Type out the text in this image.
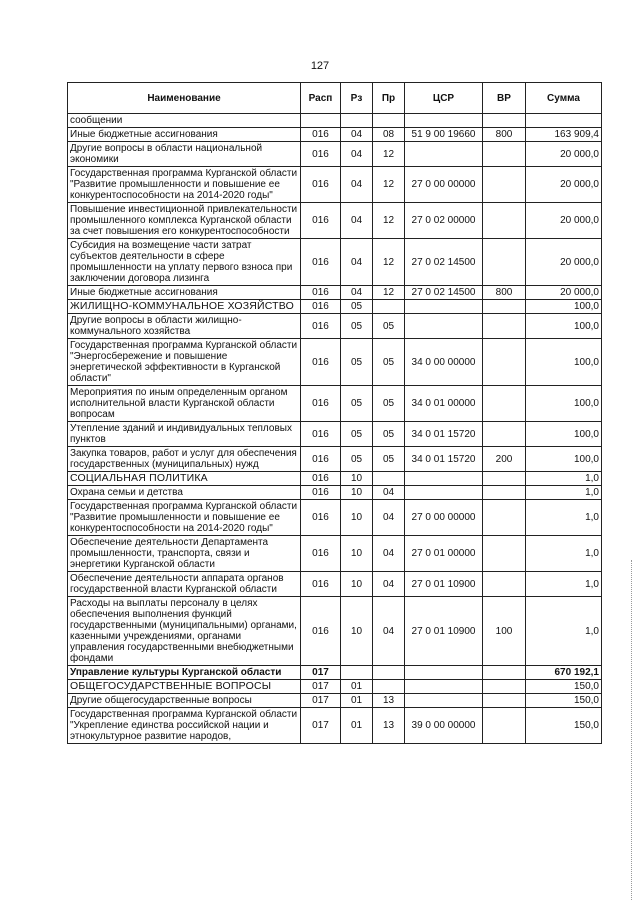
127
Наименование	Расп	Рз	Пр	ЦСР	ВР	Сумма
сообщении						
Иные бюджетные ассигнования	016	04	08	51 9 00 19660	800	163 909,4
Другие вопросы в области национальной экономики	016	04	12			20 000,0
Государственная программа Курганской области "Развитие промышленности и повышение ее конкурентоспособности на 2014-2020 годы"	016	04	12	27 0 00 00000		20 000,0
Повышение инвестиционной привлекательности промышленного комплекса Курганской области за счет повышения его конкурентоспособности	016	04	12	27 0 02 00000		20 000,0
Субсидия на возмещение части затрат субъектов деятельности в сфере промышленности на уплату первого взноса при заключении договора лизинга	016	04	12	27 0 02 14500		20 000,0
Иные бюджетные ассигнования	016	04	12	27 0 02 14500	800	20 000,0
ЖИЛИЩНО-КОММУНАЛЬНОЕ ХОЗЯЙСТВО	016	05				100,0
Другие вопросы в области жилищно-коммунального хозяйства	016	05	05			100,0
Государственная программа Курганской области "Энергосбережение и повышение энергетической эффективности в Курганской области"	016	05	05	34 0 00 00000		100,0
Мероприятия по иным определенным органом исполнительной власти Курганской области вопросам	016	05	05	34 0 01 00000		100,0
Утепление зданий и индивидуальных тепловых пунктов	016	05	05	34 0 01 15720		100,0
Закупка товаров, работ и услуг для обеспечения государственных (муниципальных) нужд	016	05	05	34 0 01 15720	200	100,0
СОЦИАЛЬНАЯ ПОЛИТИКА	016	10				1,0
Охрана семьи и детства	016	10	04			1,0
Государственная программа Курганской области "Развитие промышленности и повышение ее конкурентоспособности на 2014-2020 годы"	016	10	04	27 0 00 00000		1,0
Обеспечение деятельности Департамента промышленности, транспорта, связи и энергетики Курганской области	016	10	04	27 0 01 00000		1,0
Обеспечение деятельности аппарата органов государственной власти Курганской области	016	10	04	27 0 01 10900		1,0
Расходы на выплаты персоналу в целях обеспечения выполнения функций государственными (муниципальными) органами, казенными учреждениями, органами управления государственными внебюджетными фондами	016	10	04	27 0 01 10900	100	1,0
Управление культуры Курганской области	017					670 192,1
ОБЩЕГОСУДАРСТВЕННЫЕ ВОПРОСЫ	017	01				150,0
Другие общегосударственные вопросы	017	01	13			150,0
Государственная программа Курганской области "Укрепление единства российской нации и этнокультурное развитие народов,	017	01	13	39 0 00 00000		150,0
